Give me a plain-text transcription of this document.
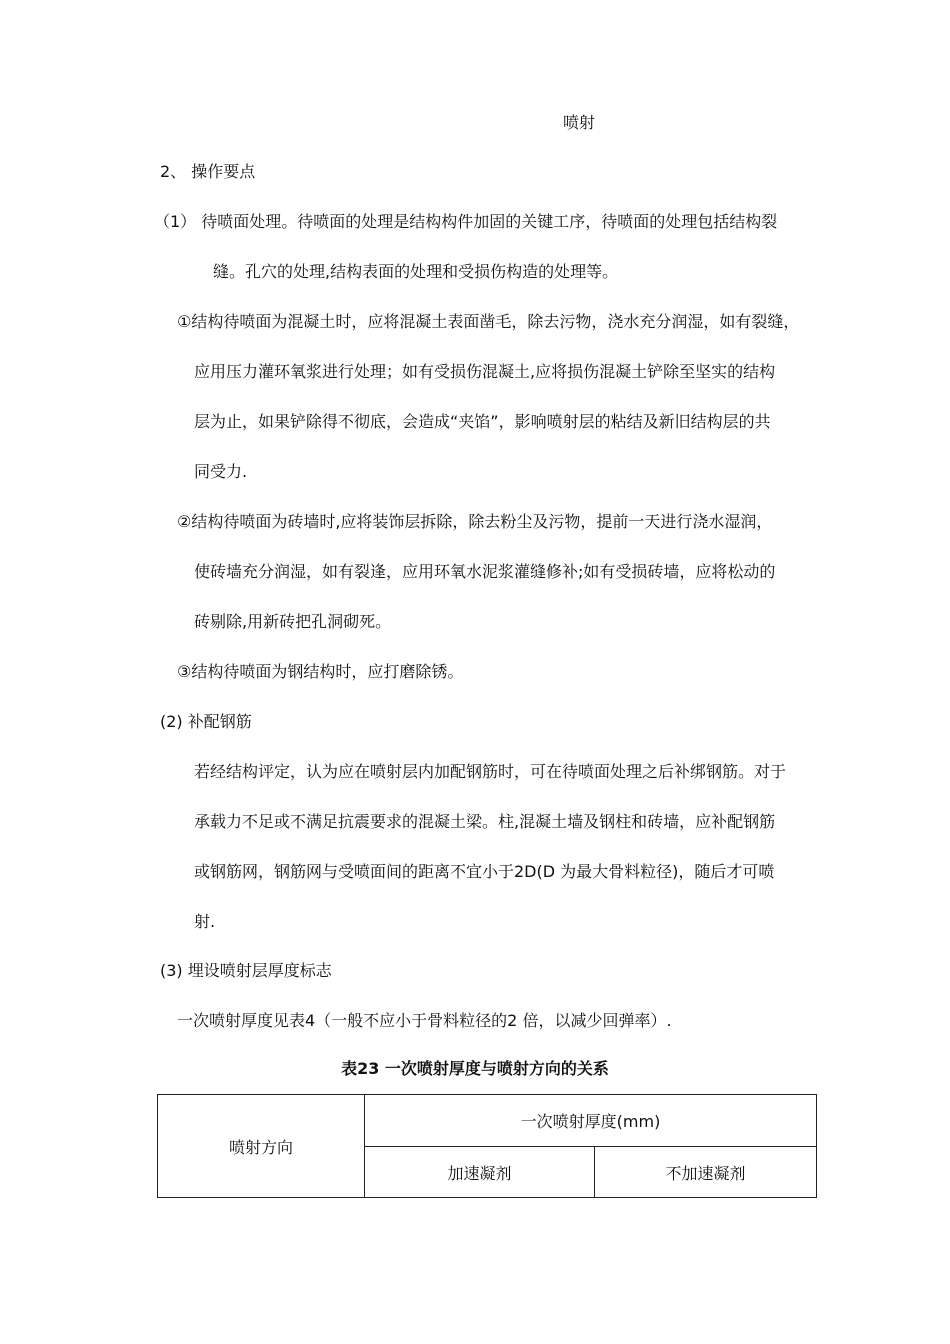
喷射
2、 操作要点
（1） 待喷面处理。待喷面的处理是结构构件加固的关键工序，待喷面的处理包括结构裂
缝。孔穴的处理,结构表面的处理和受损伤构造的处理等。
①结构待喷面为混凝土时，应将混凝土表面凿毛，除去污物，浇水充分润湿，如有裂缝，
应用压力灌环氧浆进行处理；如有受损伤混凝土,应将损伤混凝土铲除至坚实的结构
层为止，如果铲除得不彻底，会造成“夹馅”，影响喷射层的粘结及新旧结构层的共
同受力.
②结构待喷面为砖墙时,应将装饰层拆除，除去粉尘及污物，提前一天进行浇水湿润，
使砖墙充分润湿，如有裂逢，应用环氧水泥浆灌缝修补;如有受损砖墙，应将松动的
砖剔除,用新砖把孔洞砌死。
③结构待喷面为钢结构时，应打磨除锈。
(2) 补配钢筋
若经结构评定，认为应在喷射层内加配钢筋时，可在待喷面处理之后补绑钢筋。对于
承载力不足或不满足抗震要求的混凝土梁。柱,混凝土墙及钢柱和砖墙，应补配钢筋
或钢筋网，钢筋网与受喷面间的距离不宜小于2D(D 为最大骨料粒径)，随后才可喷
射.
(3) 埋设喷射层厚度标志
一次喷射厚度见表4（一般不应小于骨料粒径的2 倍，以减少回弹率）.
表23 一次喷射厚度与喷射方向的关系
喷射方向	一次喷射厚度(mm)	
	加速凝剂	不加速凝剂
